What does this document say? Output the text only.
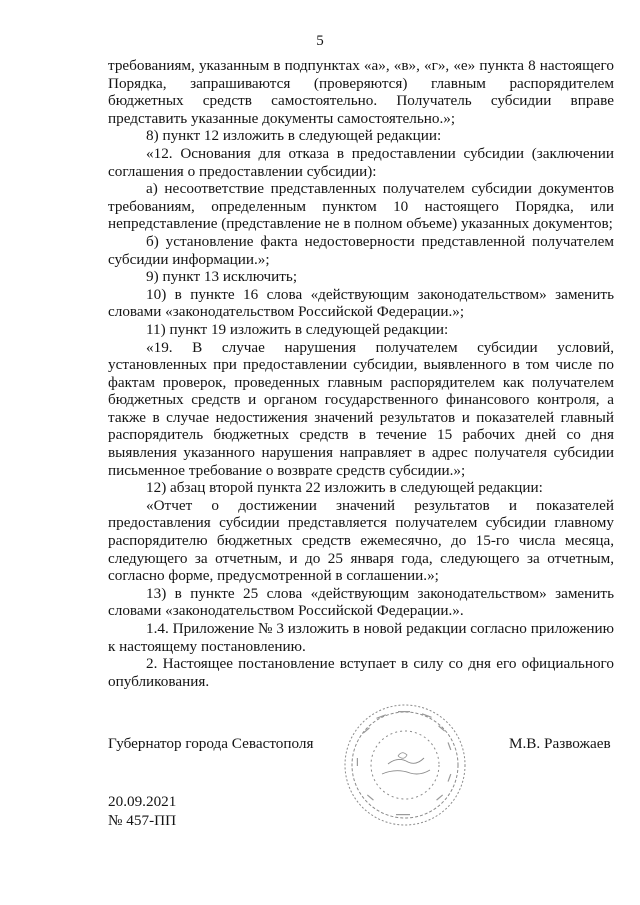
5

требованиям, указанным в подпунктах «а», «в», «г», «е» пункта 8 настоящего Порядка, запрашиваются (проверяются) главным распорядителем бюджетных средств самостоятельно. Получатель субсидии вправе представить указанные документы самостоятельно.»;

8) пункт 12 изложить в следующей редакции:

«12. Основания для отказа в предоставлении субсидии (заключении соглашения о предоставлении субсидии):

а) несоответствие представленных получателем субсидии документов требованиям, определенным пунктом 10 настоящего Порядка, или непредставление (представление не в полном объеме) указанных документов;

б) установление факта недостоверности представленной получателем субсидии информации.»;

9) пункт 13 исключить;

10) в пункте 16 слова «действующим законодательством» заменить словами «законодательством Российской Федерации.»;

11) пункт 19 изложить в следующей редакции:

«19. В случае нарушения получателем субсидии условий, установленных при предоставлении субсидии, выявленного в том числе по фактам проверок, проведенных главным распорядителем как получателем бюджетных средств и органом государственного финансового контроля, а также в случае недостижения значений результатов и показателей главный распорядитель бюджетных средств в течение 15 рабочих дней со дня выявления указанного нарушения направляет в адрес получателя субсидии письменное требование о возврате средств субсидии.»;

12) абзац второй пункта 22 изложить в следующей редакции:

«Отчет о достижении значений результатов и показателей предоставления субсидии представляется получателем субсидии главному распорядителю бюджетных средств ежемесячно, до 15-го числа месяца, следующего за отчетным, и до 25 января года, следующего за отчетным, согласно форме, предусмотренной в соглашении.»;

13) в пункте 25 слова «действующим законодательством» заменить словами «законодательством Российской Федерации.».

1.4. Приложение № 3 изложить в новой редакции согласно приложению к настоящему постановлению.

2. Настоящее постановление вступает в силу со дня его официального опубликования.

Губернатор города Севастополя	М.В. Развожаев
20.09.2021
№ 457-ПП
